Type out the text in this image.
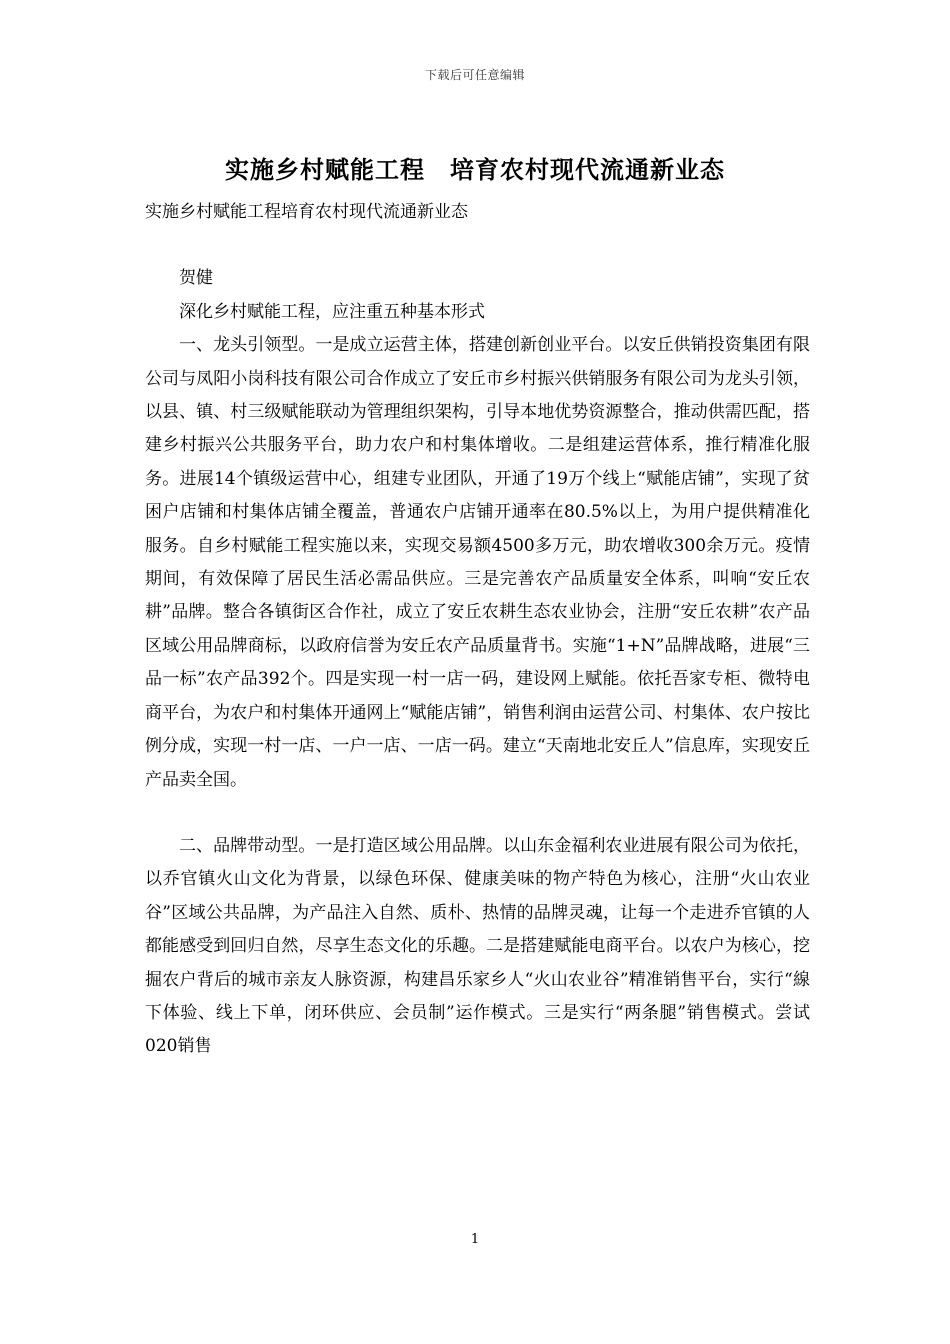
下载后可任意编辑
实施乡村赋能工程　培育农村现代流通新业态

实施乡村赋能工程培育农村现代流通新业态

贺健

深化乡村赋能工程，应注重五种基本形式

一、龙头引领型。一是成立运营主体，搭建创新创业平台。以安丘供销投资集团有限公司与凤阳小岗科技有限公司合作成立了安丘市乡村振兴供销服务有限公司为龙头引领，以县、镇、村三级赋能联动为管理组织架构，引导本地优势资源整合，推动供需匹配，搭建乡村振兴公共服务平台，助力农户和村集体增收。二是组建运营体系，推行精准化服务。进展14个镇级运营中心，组建专业团队，开通了19万个线上“赋能店铺”，实现了贫困户店铺和村集体店铺全覆盖，普通农户店铺开通率在80.5%以上，为用户提供精准化服务。自乡村赋能工程实施以来，实现交易额4500多万元，助农增收300余万元。疫情期间，有效保障了居民生活必需品供应。三是完善农产品质量安全体系，叫响“安丘农耕”品牌。整合各镇街区合作社，成立了安丘农耕生态农业协会，注册“安丘农耕”农产品区域公用品牌商标，以政府信誉为安丘农产品质量背书。实施“1+N”品牌战略，进展“三品一标”农产品392个。四是实现一村一店一码，建设网上赋能。依托吾家专柜、微特电商平台，为农户和村集体开通网上“赋能店铺”，销售利润由运营公司、村集体、农户按比例分成，实现一村一店、一户一店、一店一码。建立“天南地北安丘人”信息库，实现安丘产品卖全国。

二、品牌带动型。一是打造区域公用品牌。以山东金福利农业进展有限公司为依托，以乔官镇火山文化为背景，以绿色环保、健康美味的物产特色为核心，注册“火山农业谷”区域公共品牌，为产品注入自然、质朴、热情的品牌灵魂，让每一个走进乔官镇的人都能感受到回归自然，尽享生态文化的乐趣。二是搭建赋能电商平台。以农户为核心，挖掘农户背后的城市亲友人脉资源，构建昌乐家乡人“火山农业谷”精准销售平台，实行“線下体验、线上下单，闭环供应、会员制”运作模式。三是实行“两条腿”销售模式。尝试020销售

1
